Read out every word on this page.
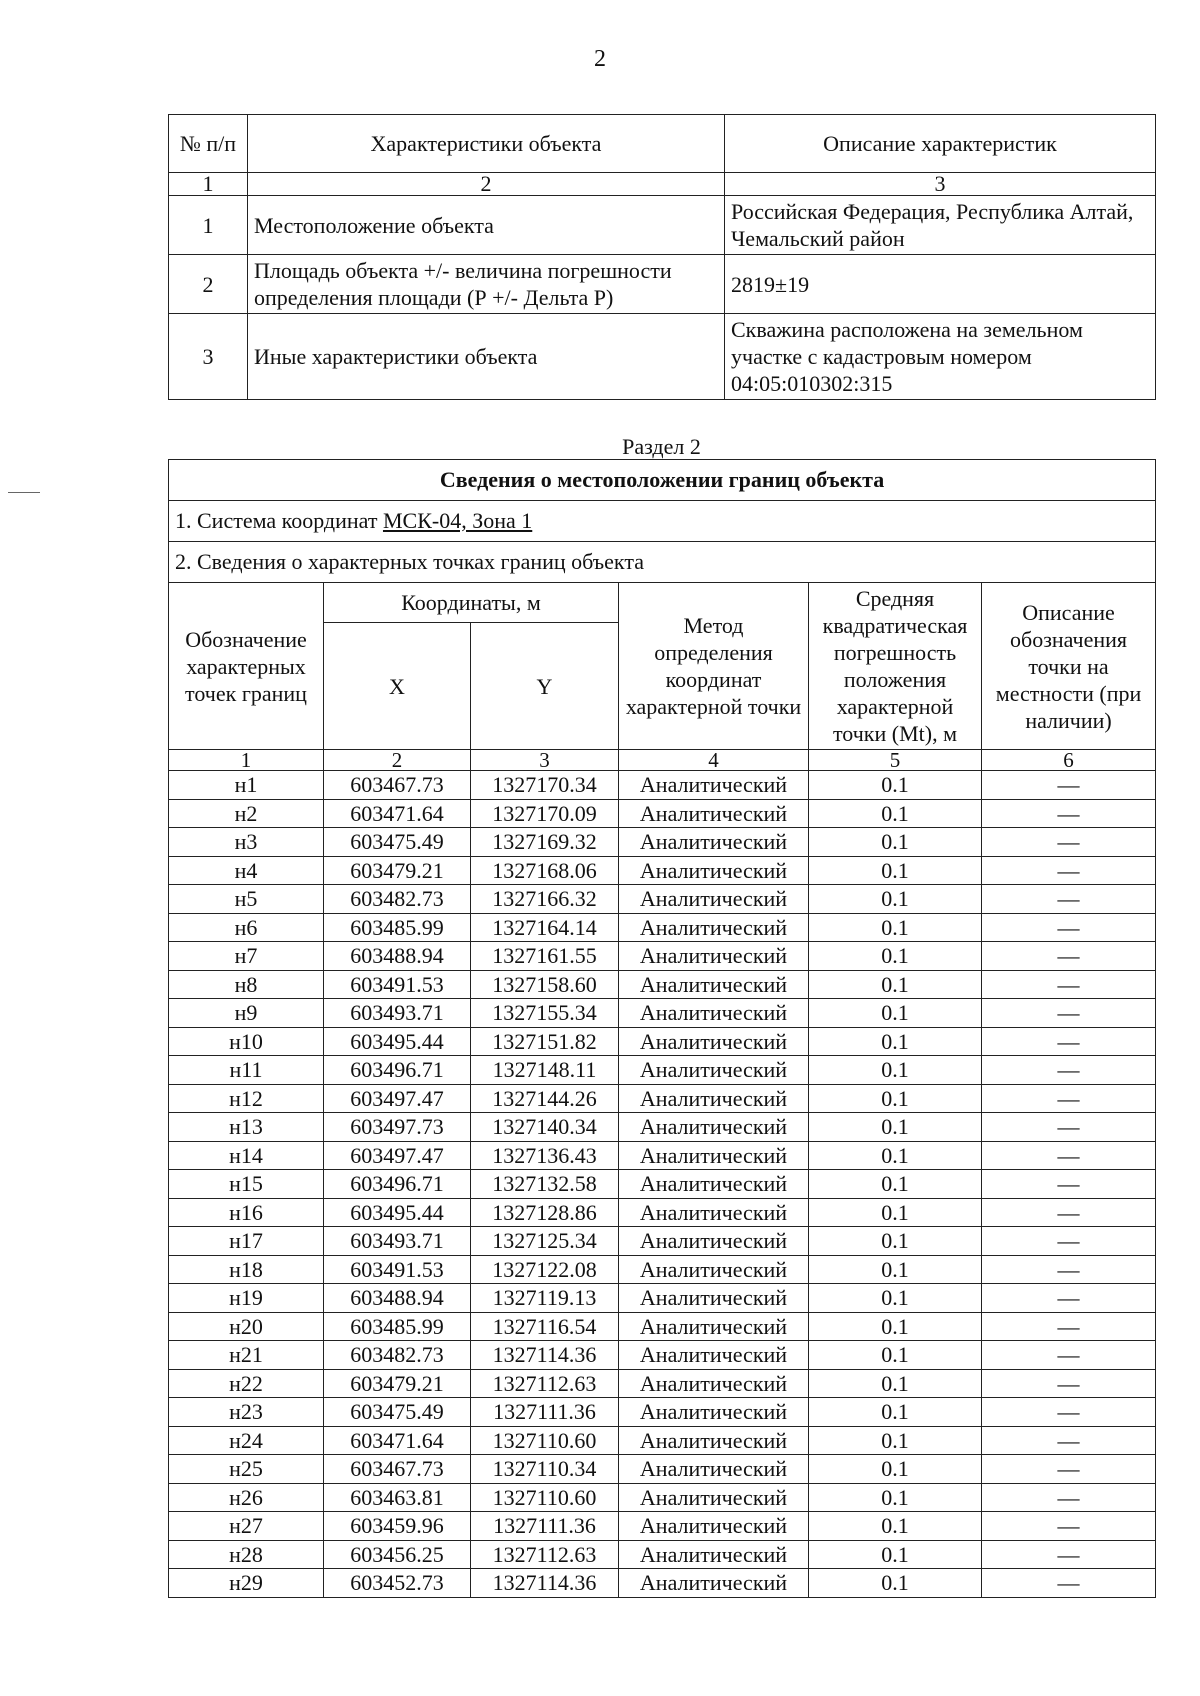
2
№ п/п	Характеристики объекта	Описание характеристик
1	2	3
1	Местоположение объекта	Российская Федерация, Республика Алтай, Чемальский район
2	Площадь объекта +/- величина погрешности определения площади (Р +/- Дельта Р)	2819±19
3	Иные характеристики объекта	Скважина расположена на земельном участке с кадастровым номером 04:05:010302:315
Раздел 2
Сведения о местоположении границ объекта					
1. Система координат МСК-04, Зона 1					
2. Сведения о характерных точках границ объекта					
Обозначение характерных точек границ	Координаты, м		Метод определения координат характерной точки	Средняя квадратическая погрешность положения характерной точки (Mt), м	Описание обозначения точки на местности (при наличии)
	X	Y			
1	2	3	4	5	6
н1	603467.73	1327170.34	Аналитический	0.1	—
н2	603471.64	1327170.09	Аналитический	0.1	—
н3	603475.49	1327169.32	Аналитический	0.1	—
н4	603479.21	1327168.06	Аналитический	0.1	—
н5	603482.73	1327166.32	Аналитический	0.1	—
н6	603485.99	1327164.14	Аналитический	0.1	—
н7	603488.94	1327161.55	Аналитический	0.1	—
н8	603491.53	1327158.60	Аналитический	0.1	—
н9	603493.71	1327155.34	Аналитический	0.1	—
н10	603495.44	1327151.82	Аналитический	0.1	—
н11	603496.71	1327148.11	Аналитический	0.1	—
н12	603497.47	1327144.26	Аналитический	0.1	—
н13	603497.73	1327140.34	Аналитический	0.1	—
н14	603497.47	1327136.43	Аналитический	0.1	—
н15	603496.71	1327132.58	Аналитический	0.1	—
н16	603495.44	1327128.86	Аналитический	0.1	—
н17	603493.71	1327125.34	Аналитический	0.1	—
н18	603491.53	1327122.08	Аналитический	0.1	—
н19	603488.94	1327119.13	Аналитический	0.1	—
н20	603485.99	1327116.54	Аналитический	0.1	—
н21	603482.73	1327114.36	Аналитический	0.1	—
н22	603479.21	1327112.63	Аналитический	0.1	—
н23	603475.49	1327111.36	Аналитический	0.1	—
н24	603471.64	1327110.60	Аналитический	0.1	—
н25	603467.73	1327110.34	Аналитический	0.1	—
н26	603463.81	1327110.60	Аналитический	0.1	—
н27	603459.96	1327111.36	Аналитический	0.1	—
н28	603456.25	1327112.63	Аналитический	0.1	—
н29	603452.73	1327114.36	Аналитический	0.1	—
